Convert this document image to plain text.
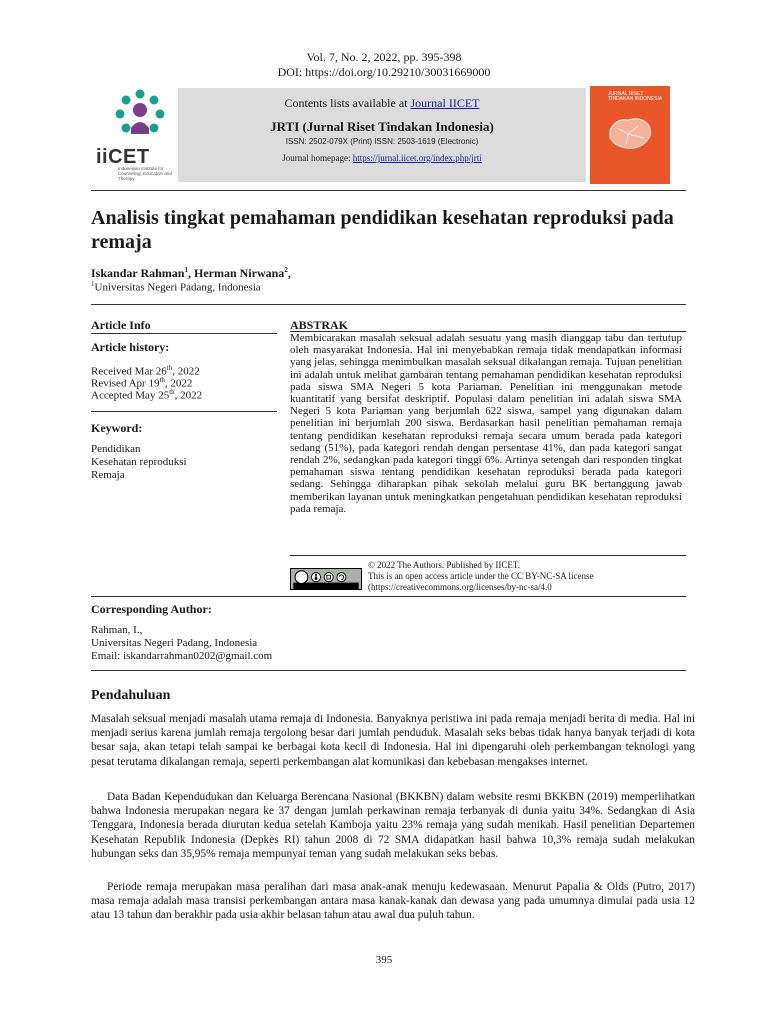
Vol. 7, No. 2, 2022, pp. 395-398
DOI: https://doi.org/10.29210/30031669000
iiCET
Indonesian Institute for Counseling, Education and Therapy
Contents lists available at Journal IICET
JRTI (Jurnal Riset Tindakan Indonesia)
ISSN: 2502-079X (Print) ISSN: 2503-1619 (Electronic)
Journal homepage: https://jurnal.iicet.org/index.php/jrti
JURNAL RISET TINDAKAN INDONESIA
Analisis tingkat pemahaman pendidikan kesehatan reproduksi pada remaja
Iskandar Rahman$^1$, Herman Nirwana$^2$,
$^1$Universitas Negeri Padang, Indonesia
Article Info
Article history:
Received Mar 26th, 2022
Revised Apr 19th, 2022
Accepted May 25th, 2022
Keyword:
Pendidikan
Kesehatan reproduksi
Remaja
ABSTRAK
Membicarakan masalah seksual adalah sesuatu yang masih dianggap tabu dan tertutup oleh masyarakat Indonesia. Hal ini menyebabkan remaja tidak mendapatkan informasi yang jelas, sehingga menimbulkan masalah seksual dikalangan remaja. Tujuan penelitian ini adalah untuk melihat gambaran tentang pemahaman pendidikan kesehatan reproduksi pada siswa SMA Negeri 5 kota Pariaman. Penelitian ini menggunakan metode kuantitatif yang bersifat deskriptif. Populasi dalam penelitian ini adalah siswa SMA Negeri 5 kota Pariaman yang berjumlah 622 siswa, sampel yang digunakan dalam penelitian ini berjumlah 200 siswa. Berdasarkan hasil penelitian pemahaman remaja tentang pendidikan kesehatan reproduksi remaja secara umum berada pada kategori sedang (51%), pada kategori rendah dengan persentase 41%, dan pada kategori sangat rendah 2%, sedangkan pada kategori tinggi 6%. Artinya setengah dari responden tingkat pemahaman siswa tentang pendidikan kesehatan reproduksi berada pada kategori sedang. Sehingga diharapkan pihak sekolah melalui guru BK bertanggung jawab memberikan layanan untuk meningkatkan pengetahuan pendidikan kesehatan reproduksi pada remaja.
© 2022 The Authors. Published by IICET.
This is an open access article under the CC BY-NC-SA license
(https://creativecommons.org/licenses/by-nc-sa/4.0
Corresponding Author:
Rahman, I.,
Universitas Negeri Padang, Indonesia
Email: iskandarrahman0202@gmail.com
Pendahuluan
Masalah seksual menjadi masalah utama remaja di Indonesia. Banyaknya peristiwa ini pada remaja menjadi berita di media. Hal ini menjadi serius karena jumlah remaja tergolong besar dari jumlah penduduk. Masalah seks bebas tidak hanya banyak terjadi di kota besar saja, akan tetapi telah sampai ke berbagai kota kecil di Indonesia. Hal ini dipengaruhi oleh perkembangan teknologi yang pesat terutama dikalangan remaja, seperti perkembangan alat komunikasi dan kebebasan mengakses internet.
Data Badan Kependudukan dan Keluarga Berencana Nasional (BKKBN) dalam website resmi BKKBN (2019) memperlihatkan bahwa Indonesia merupakan negara ke 37 dengan jumlah perkawinan remaja terbanyak di dunia yaitu 34%. Sedangkan di Asia Tenggara, Indonesia berada diurutan kedua setelah Kamboja yaitu 23% remaja yang sudah menikah. Hasil penelitian Departemen Kesehatan Republik Indonesia (Depkes RI) tahun 2008 di 72 SMA didapatkan hasil bahwa 10,3% remaja sudah melakukan hubungan seks dan 35,95% remaja mempunyai teman yang sudah melakukan seks bebas.
Periode remaja merupakan masa peralihan dari masa anak-anak menuju kedewasaan. Menurut Papalia & Olds (Putro, 2017) masa remaja adalah masa transisi perkembangan antara masa kanak-kanak dan dewasa yang pada umumnya dimulai pada usia 12 atau 13 tahun dan berakhir pada usia akhir belasan tahun atau awal dua puluh tahun.
395
